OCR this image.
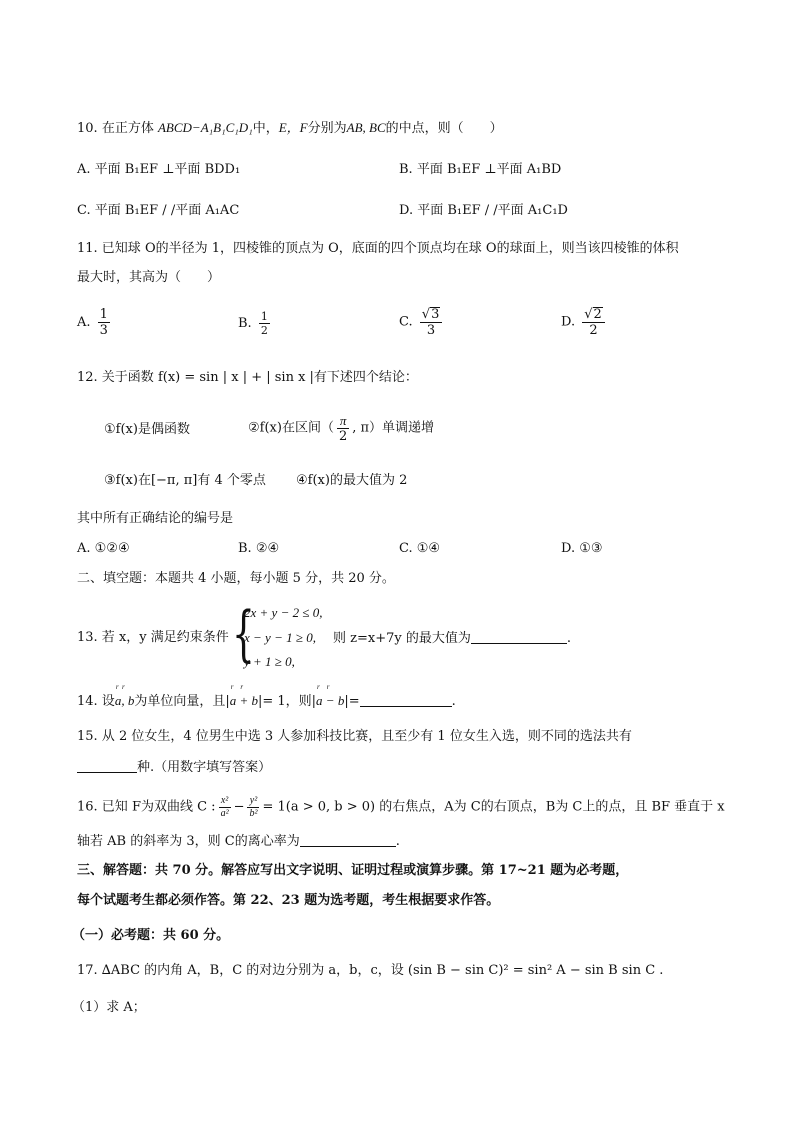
10. 在正方体 ABCD−A₁B₁C₁D₁中，E，F分别为AB, BC的中点，则（　　）
A. 平面 B₁EF ⊥平面 BDD₁	B. 平面 B₁EF ⊥平面 A₁BD
C. 平面 B₁EF / /平面 A₁AC	D. 平面 B₁EF / /平面 A₁C₁D
11. 已知球 O的半径为 1，四棱锥的顶点为 O，底面的四个顶点均在球 O的球面上，则当该四棱锥的体积
最大时，其高为（　　）
A. $\frac{1}{3}$	B. $\frac{1}{2}$	C. $\frac{√3}{3}$	D. $\frac{√2}{2}$
12. 关于函数 f(x) = sin | x | + | sin x |有下述四个结论：
①f(x)是偶函数	②f(x)在区间（ $\frac{\pi}{2}$ , π）单调递增
③f(x)在[−π, π]有 4 个零点 ④f(x)的最大值为 2
其中所有正确结论的编号是
A. ①②④	B. ②④	C. ①④	D. ①③
二、填空题：本题共 4 小题，每小题 5 分，共 20 分。
13. 若 x，y 满足约束条件 {
2x + y − 2 ≤ 0,
x − y − 1 ≥ 0,
y + 1 ≥ 0,
则 z=x+7y 的最大值为	.
14. 设
r  r
a, b为单位向量，且|
r    r
a + b|= 1，则|
r    r
a − b|=	.
15. 从 2 位女生，4 位男生中选 3 人参加科技比赛，且至少有 1 位女生入选，则不同的选法共有
种.（用数字填写答案）
16. 已知 F为双曲线 C : $\frac{\text{x²}}{\text{a²}} - \frac{\text{y²}}{\text{b²}} = 1(a > 0$, b > 0) 的右焦点，A为 C的右顶点，B为 C上的点，且 BF 垂直于 x
轴若 AB 的斜率为 3，则 C的离心率为	.
三、解答题：共 70 分。解答应写出文字说明、证明过程或演算步骤。第 17~21 题为必考题，
每个试题考生都必须作答。第 22、23 题为选考题，考生根据要求作答。
（一）必考题：共 60 分。
17. ∆ABC 的内角 A，B，C 的对边分别为 a，b，c，设 (sin B − sin C)² = sin² A − sin B sin C .
（1）求 A；
